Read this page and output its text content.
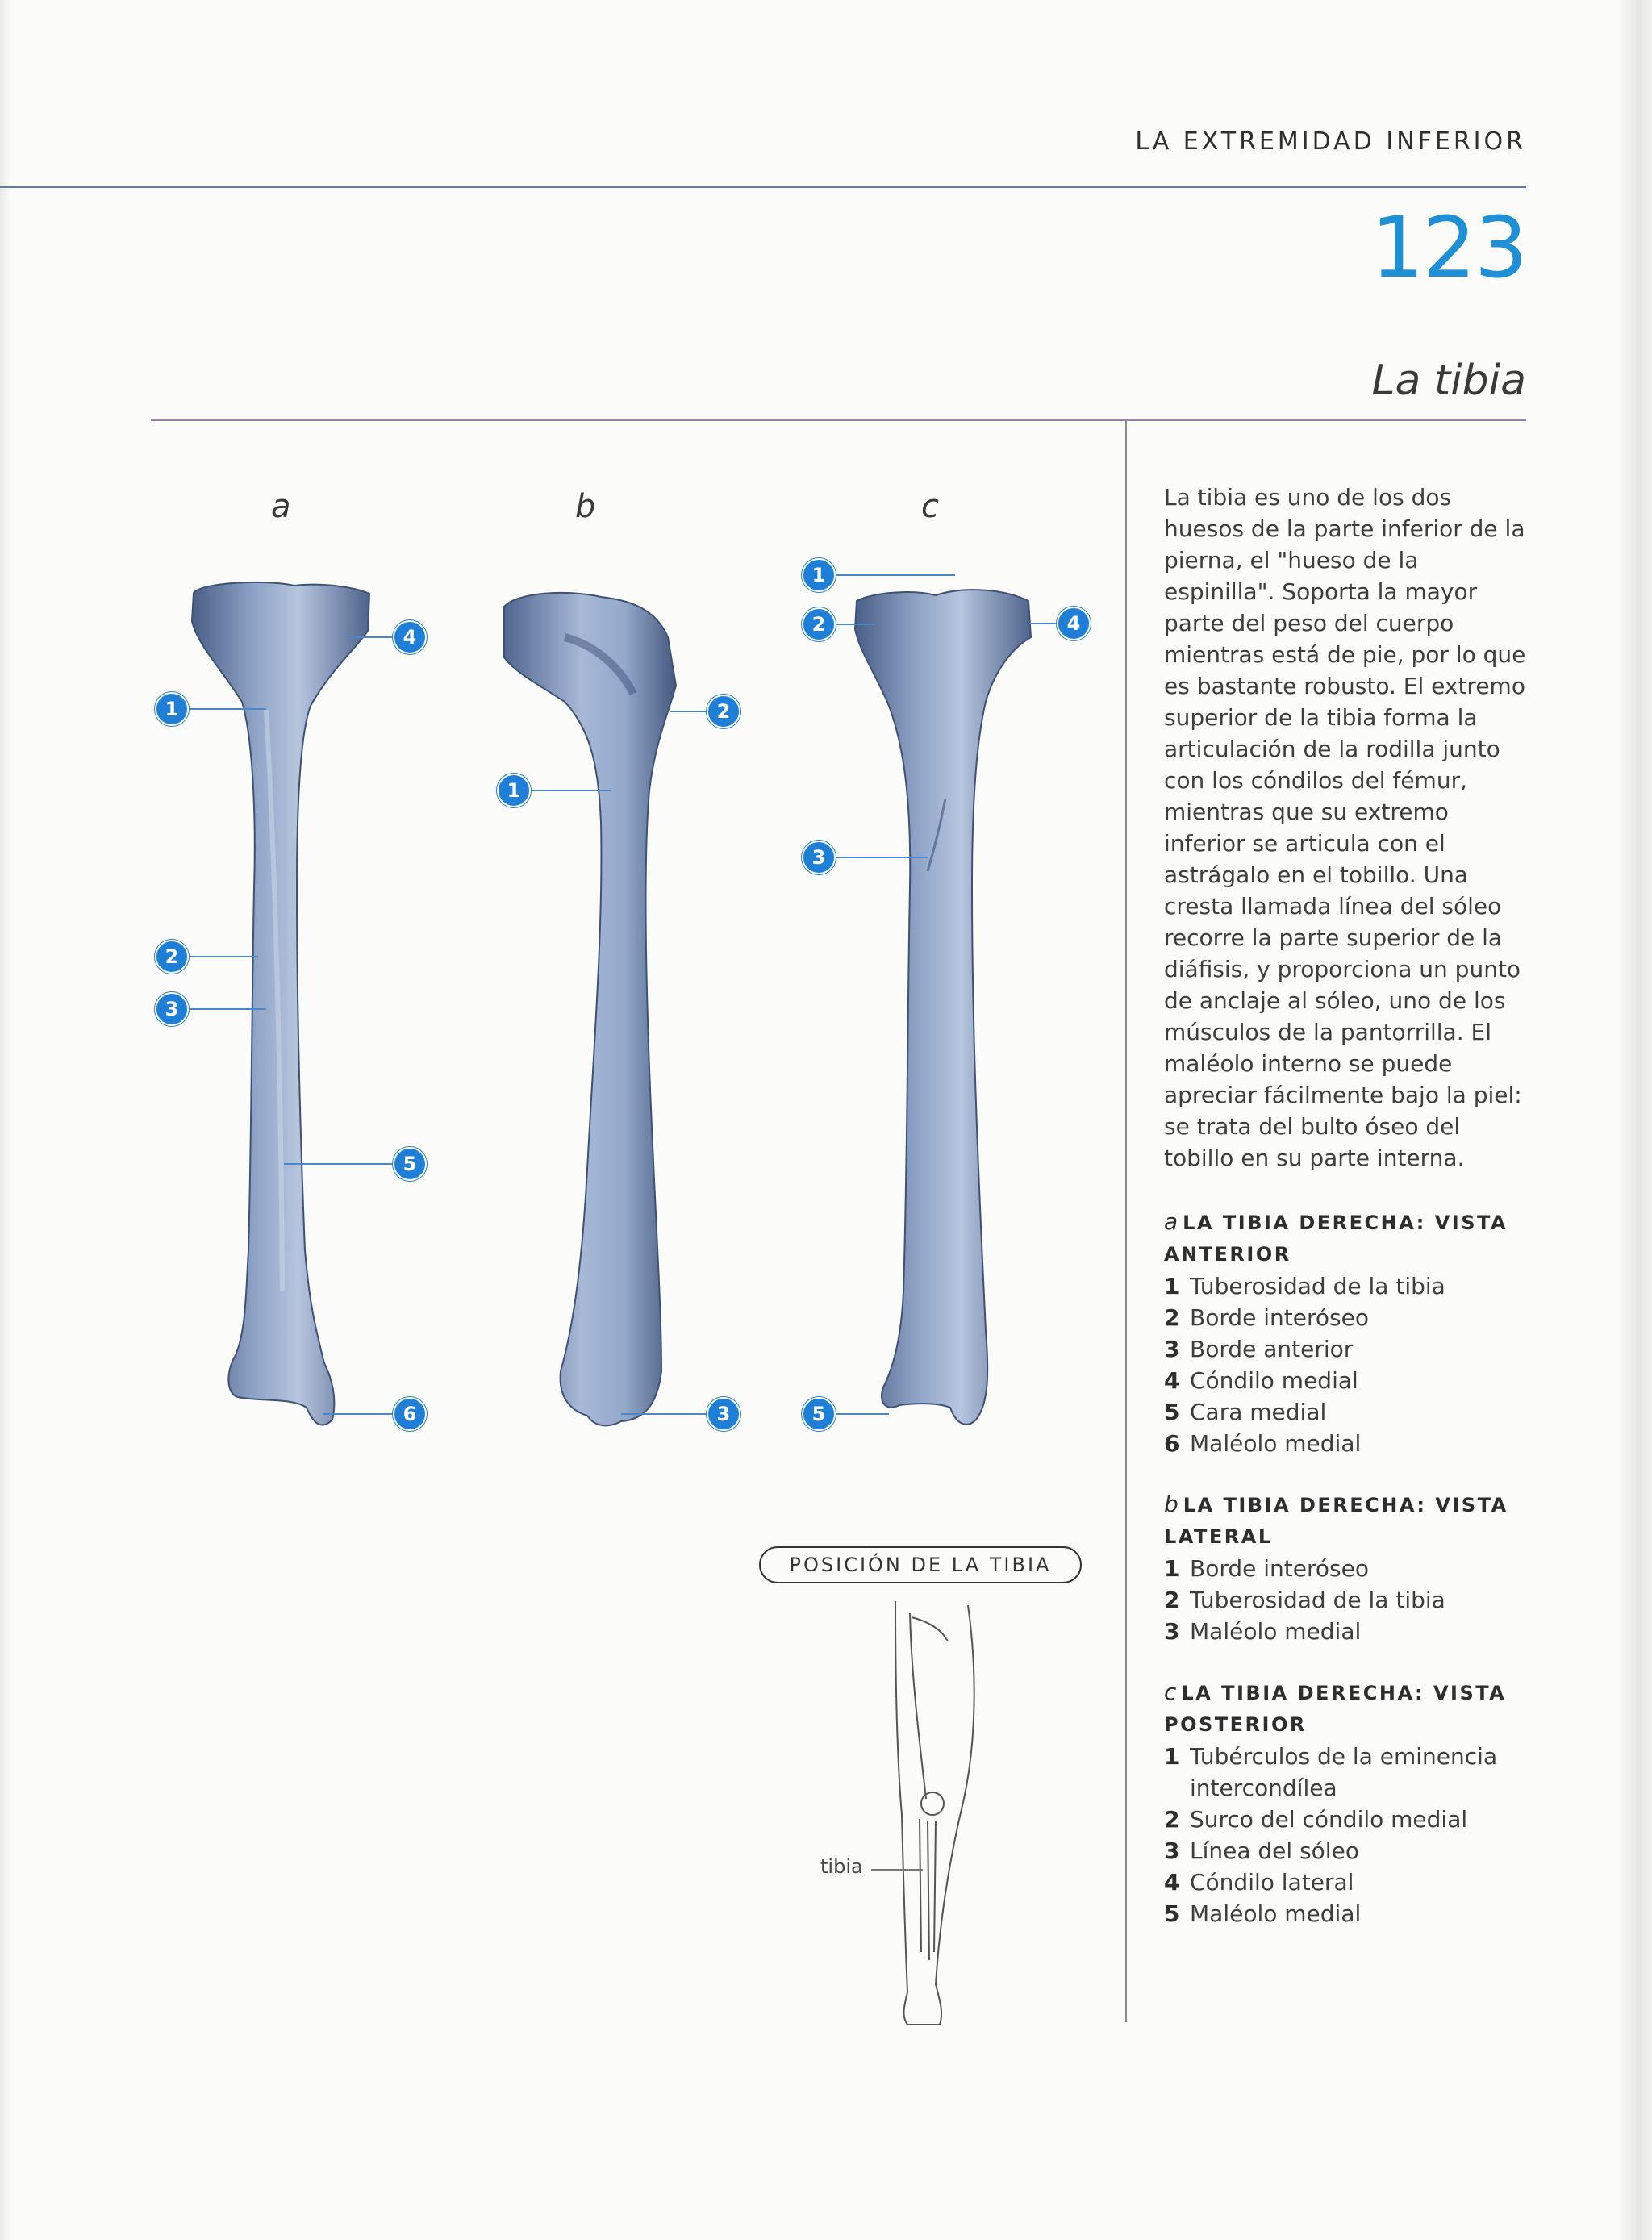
LA EXTREMIDAD INFERIOR
123
La tibia
a	b	c
1
2
3
4
5
6
1
2
3
1
2
3
4
5
POSICIÓN DE LA TIBIA
tibia

La tibia es uno de los dos huesos de la parte inferior de la pierna, el "hueso de la espinilla". Soporta la mayor parte del peso del cuerpo mientras está de pie, por lo que es bastante robusto. El extremo superior de la tibia forma la articulación de la rodilla junto con los cóndilos del fémur, mientras que su extremo inferior se articula con el astrágalo en el tobillo. Una cresta llamada línea del sóleo recorre la parte superior de la diáfisis, y proporciona un punto de anclaje al sóleo, uno de los músculos de la pantorrilla. El maléolo interno se puede apreciar fácilmente bajo la piel: se trata del bulto óseo del tobillo en su parte interna.

a LA TIBIA DERECHA: VISTA ANTERIOR
1 Tuberosidad de la tibia
2 Borde interóseo
3 Borde anterior
4 Cóndilo medial
5 Cara medial
6 Maléolo medial
b LA TIBIA DERECHA: VISTA LATERAL
1 Borde interóseo
2 Tuberosidad de la tibia
3 Maléolo medial
c LA TIBIA DERECHA: VISTA POSTERIOR
1 Tubérculos de la eminencia intercondílea
2 Surco del cóndilo medial
3 Línea del sóleo
4 Cóndilo lateral
5 Maléolo medial
